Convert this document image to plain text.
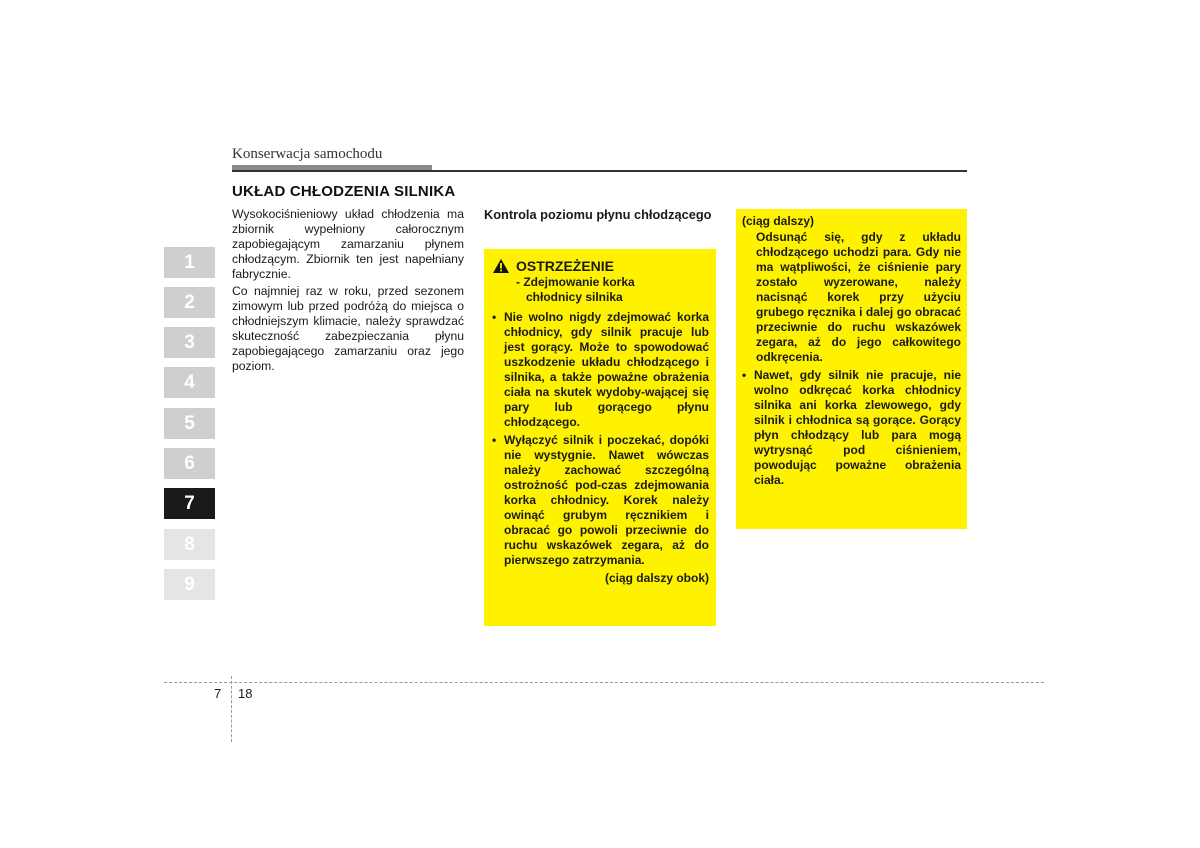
Konserwacja samochodu
UKŁAD CHŁODZENIA SILNIKA

Wysokociśnieniowy układ chłodzenia ma zbiornik wypełniony całorocznym zapobiegającym zamarzaniu płynem chłodzącym. Zbiornik ten jest napełniany fabrycznie.

Co najmniej raz w roku, przed sezonem zimowym lub przed podróżą do miejsca o chłodniejszym klimacie, należy sprawdzać skuteczność zabezpieczania płynu zapobiegającego zamarzaniu oraz jego poziom.

Kontrola poziomu płynu chłodzącego
OSTRZEŻENIE
- Zdejmowanie korka
chłodnicy silnika
• Nie wolno nigdy zdejmować korka chłodnicy, gdy silnik pracuje lub jest gorący. Może to spowodować uszkodzenie układu chłodzącego i silnika, a także poważne obrażenia ciała na skutek wydoby-wającej się pary lub gorącego płynu chłodzącego.
• Wyłączyć silnik i poczekać, dopóki nie wystygnie. Nawet wówczas należy zachować szczególną ostrożność pod-czas zdejmowania korka chłodnicy. Korek należy owinąć grubym ręcznikiem i obracać go powoli przeciwnie do ruchu wskazówek zegara, aż do pierwszego zatrzymania.
(ciąg dalszy obok)
(ciąg dalszy)
Odsunąć się, gdy z układu chłodzącego uchodzi para. Gdy nie ma wątpliwości, że ciśnienie pary zostało wyzerowane, należy nacisnąć korek przy użyciu grubego ręcznika i dalej go obracać przeciwnie do ruchu wskazówek zegara, aż do jego całkowitego odkręcenia.
• Nawet, gdy silnik nie pracuje, nie wolno odkręcać korka chłodnicy silnika ani korka zlewowego, gdy silnik i chłodnica są gorące. Gorący płyn chłodzący lub para mogą wytrysnąć pod ciśnieniem, powodując poważne obrażenia ciała.
1
2
3
4
5
6
7
8
9
7 18
